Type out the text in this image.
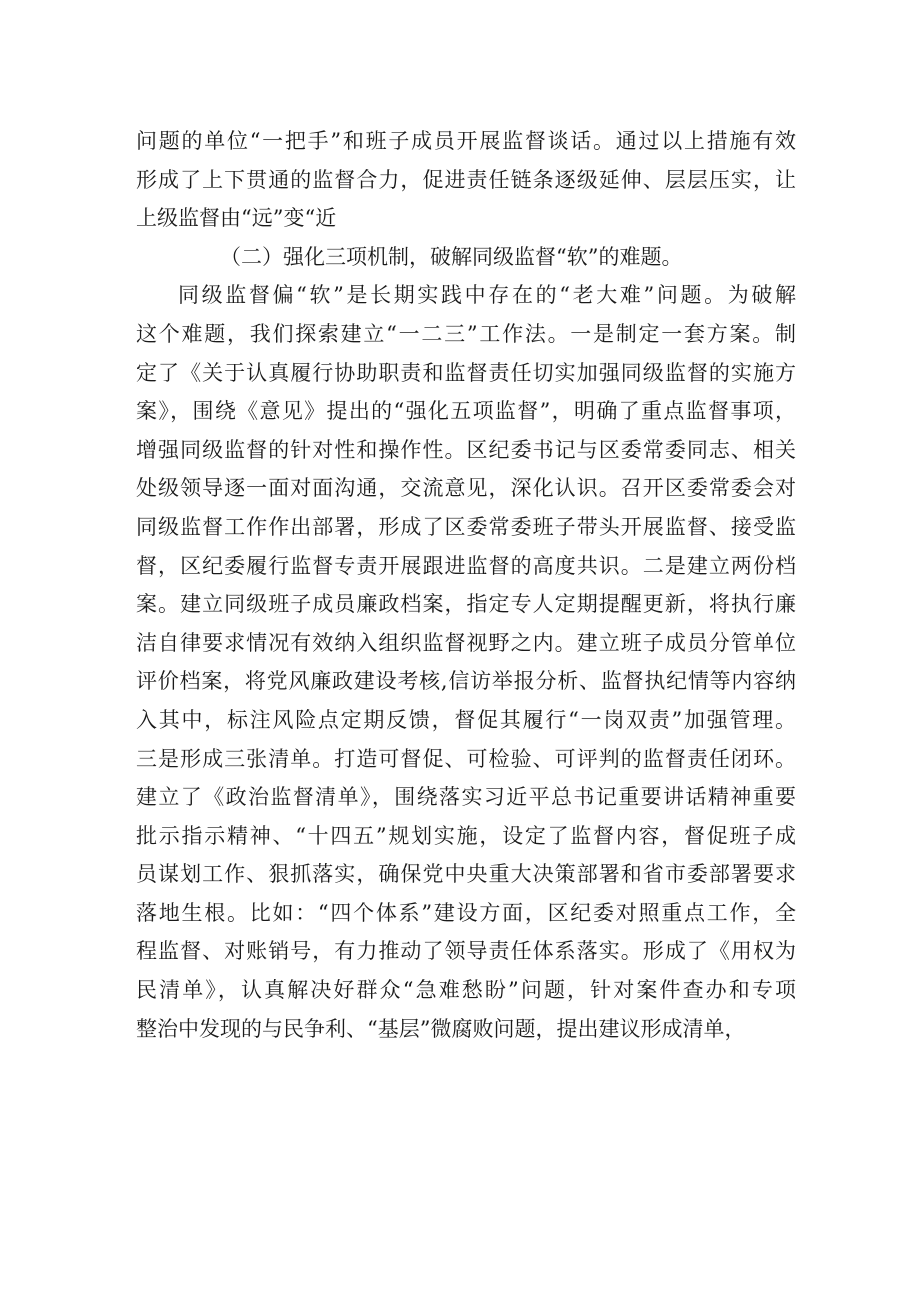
问题的单位“一把手”和班子成员开展监督谈话。通过以上措施有效
形成了上下贯通的监督合力，促进责任链条逐级延伸、层层压实，让
上级监督由“远”变“近
（二）强化三项机制，破解同级监督“软”的难题。
同级监督偏“软”是长期实践中存在的“老大难”问题。为破解
这个难题，我们探索建立“一二三”工作法。一是制定一套方案。制
定了《关于认真履行协助职责和监督责任切实加强同级监督的实施方
案》，围绕《意见》提出的“强化五项监督”，明确了重点监督事项，
增强同级监督的针对性和操作性。区纪委书记与区委常委同志、相关
处级领导逐一面对面沟通，交流意见，深化认识。召开区委常委会对
同级监督工作作出部署，形成了区委常委班子带头开展监督、接受监
督，区纪委履行监督专责开展跟进监督的高度共识。二是建立两份档
案。建立同级班子成员廉政档案，指定专人定期提醒更新，将执行廉
洁自律要求情况有效纳入组织监督视野之内。建立班子成员分管单位
评价档案，将党风廉政建设考核,信访举报分析、监督执纪情等内容纳
入其中，标注风险点定期反馈，督促其履行“一岗双责”加强管理。
三是形成三张清单。打造可督促、可检验、可评判的监督责任闭环。
建立了《政治监督清单》，围绕落实习近平总书记重要讲话精神重要
批示指示精神、“十四五”规划实施，设定了监督内容，督促班子成
员谋划工作、狠抓落实，确保党中央重大决策部署和省市委部署要求
落地生根。比如：“四个体系”建设方面，区纪委对照重点工作，全
程监督、对账销号，有力推动了领导责任体系落实。形成了《用权为
民清单》，认真解决好群众“急难愁盼”问题，针对案件查办和专项
整治中发现的与民争利、“基层”微腐败问题，提出建议形成清单，
